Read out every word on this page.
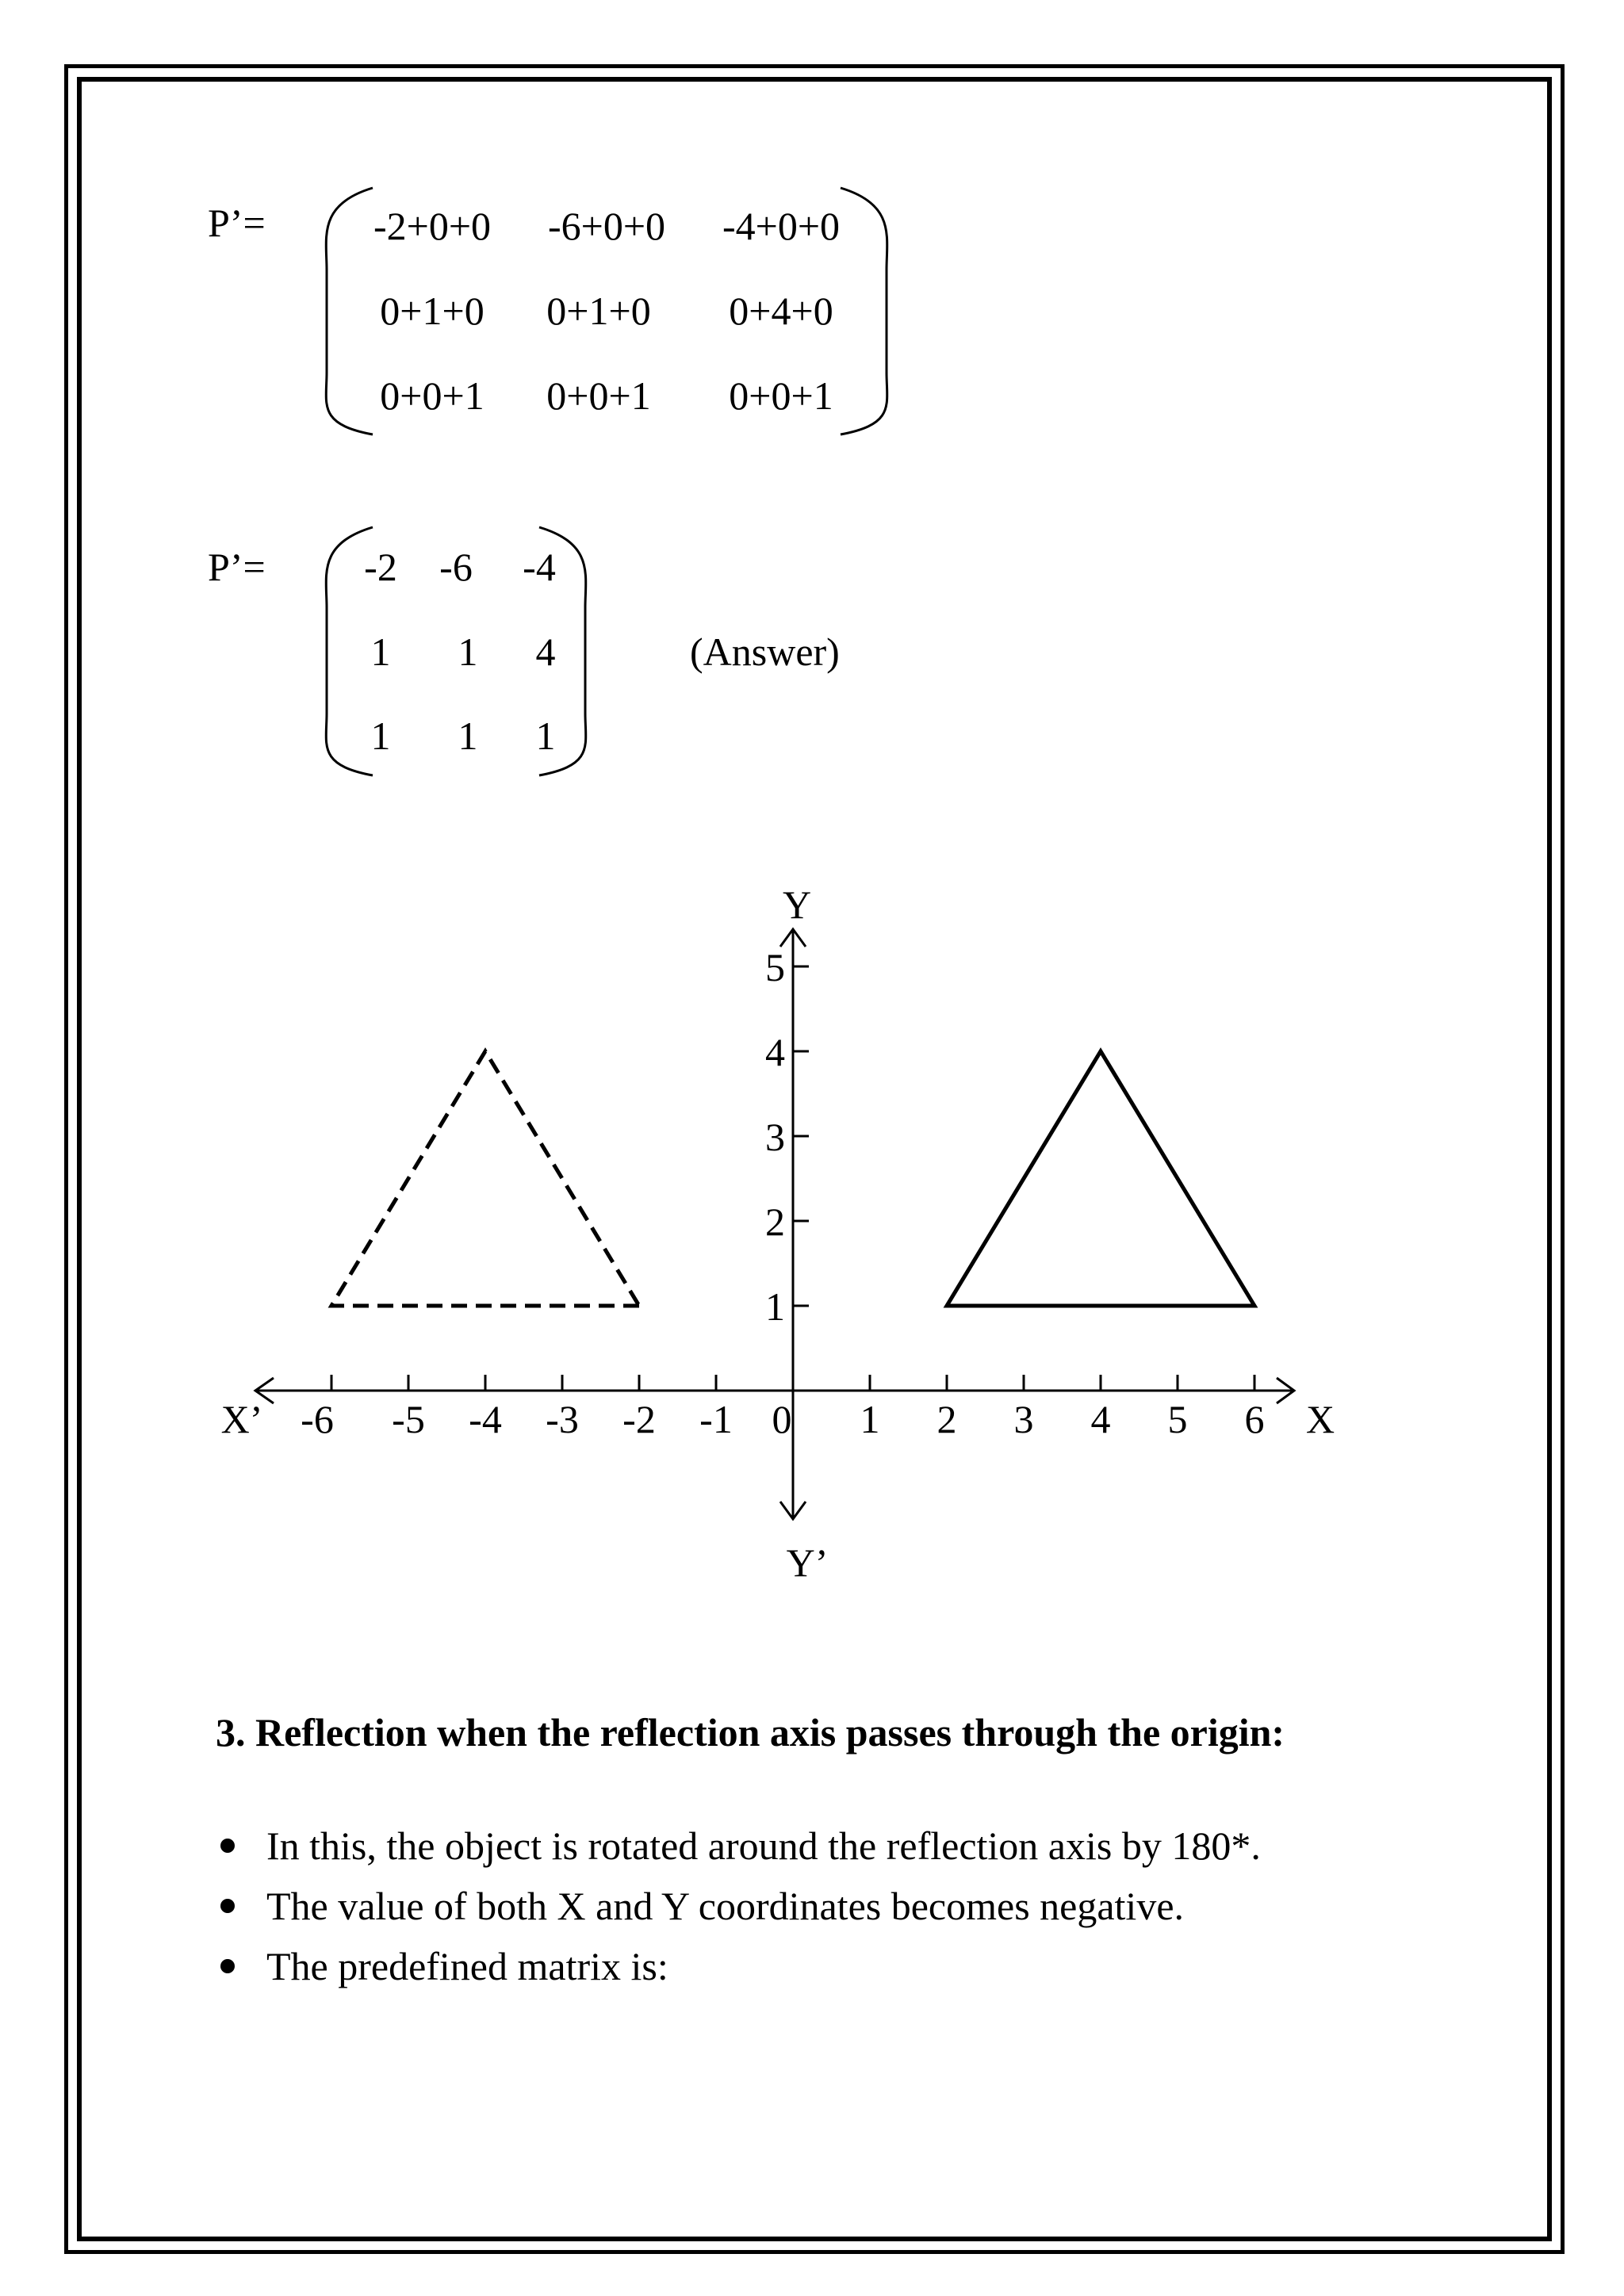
P’=	-2+0+0	-6+0+0	-4+0+0
0+1+0	0+1+0	0+4+0
0+0+1	0+0+1	0+0+1
P’=	-2	-6	-4
1	1	4
1	1	1
(Answer)
-6 -5 -4 -3 -2 -1 0 1 2 3 4 5 6
1
2
3
4
5
X
X’
Y
Y’
3. Reflection when the reflection axis passes through the origin:
In this, the object is rotated around the reflection axis by 180*.
The value of both X and Y coordinates becomes negative.
The predefined matrix is:
